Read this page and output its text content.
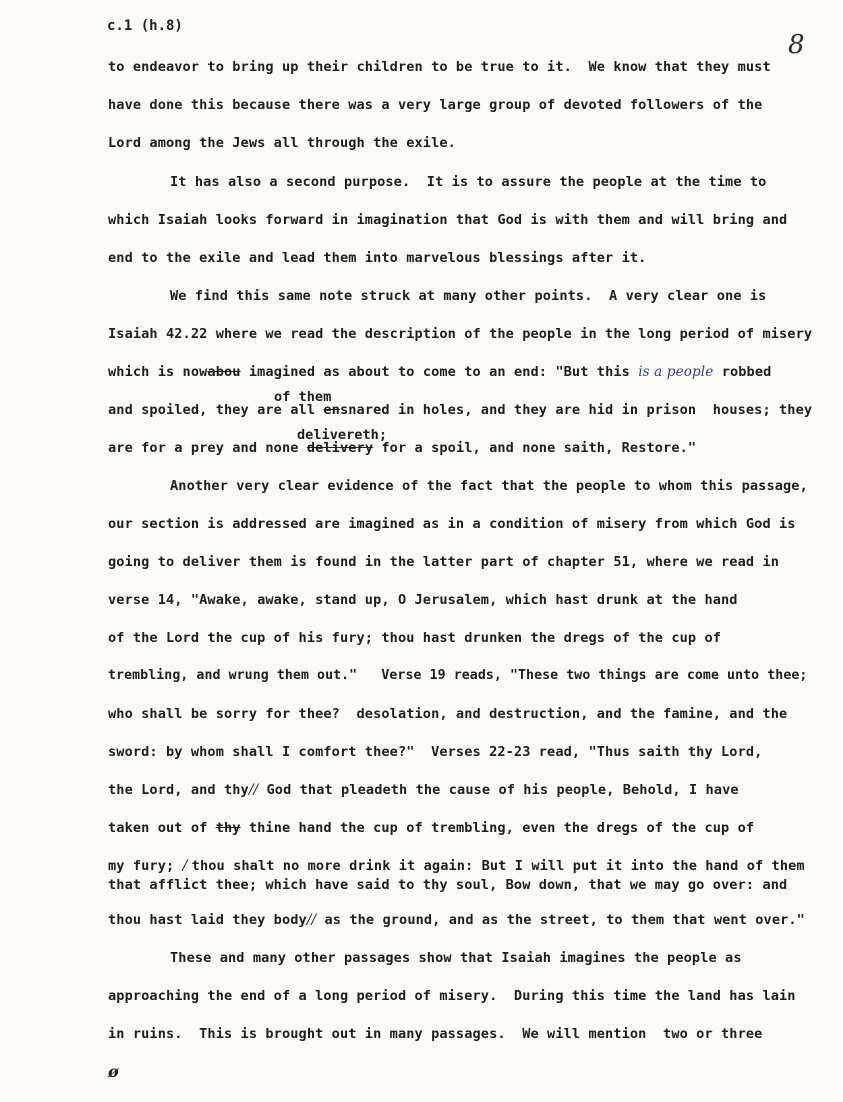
c.1 (h.8)
8
to endeavor to bring up their children to be true to it.  We know that they must
have done this because there was a very large group of devoted followers of the
Lord among the Jews all through the exile.
It has also a second purpose.  It is to assure the people at the time to
which Isaiah looks forward in imagination that God is with them and will bring and
end to the exile and lead them into marvelous blessings after it.
We find this same note struck at many other points.  A very clear one is
Isaiah 42.22 where we read the description of the people in the long period of misery
which is nowabou imagined as about to come to an end: "But this is a people robbed
of them
and spoiled, they are all ensnared in holes, and they are hid in prison  houses; they
delivereth;
are for a prey and none delivery for a spoil, and none saith, Restore."
Another very clear evidence of the fact that the people to whom this passage,
our section is addressed are imagined as in a condition of misery from which God is
going to deliver them is found in the latter part of chapter 51, where we read in
verse 14, "Awake, awake, stand up, O Jerusalem, which hast drunk at the hand
of the Lord the cup of his fury; thou hast drunken the dregs of the cup of
trembling, and wrung them out."   Verse 19 reads, "These two things are come unto thee;
who shall be sorry for thee?  desolation, and destruction, and the famine, and the
sword: by whom shall I comfort thee?"  Verses 22-23 read, "Thus saith thy Lord,
the Lord, and thy// God that pleadeth the cause of his people, Behold, I have
taken out of thy thine hand the cup of trembling, even the dregs of the cup of
my fury; / thou shalt no more drink it again: But I will put it into the hand of them
that afflict thee; which have said to thy soul, Bow down, that we may go over: and
thou hast laid they body// as the ground, and as the street, to them that went over."
These and many other passages show that Isaiah imagines the people as
approaching the end of a long period of misery.  During this time the land has lain
in ruins.  This is brought out in many passages.  We will mention  two or three
ø
